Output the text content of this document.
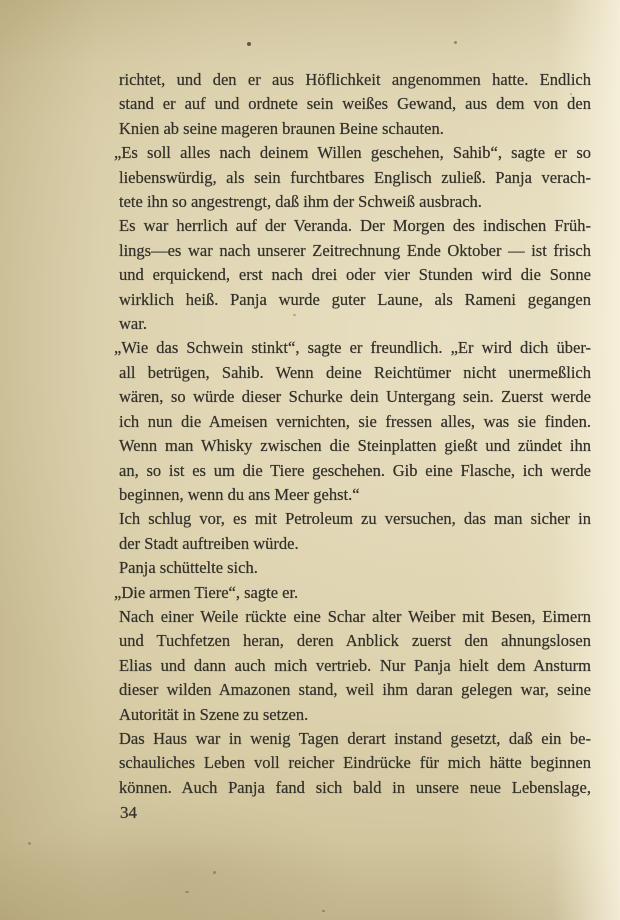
richtet, und den er aus Höflichkeit angenommen hatte. Endlich
stand er auf und ordnete sein weißes Gewand, aus dem von den
Knien ab seine mageren braunen Beine schauten.
„Es soll alles nach deinem Willen geschehen, Sahib“, sagte er so
liebenswürdig, als sein furchtbares Englisch zuließ. Panja verach-
tete ihn so angestrengt, daß ihm der Schweiß ausbrach.
Es war herrlich auf der Veranda. Der Morgen des indischen Früh-
lings—es war nach unserer Zeitrechnung Ende Oktober — ist frisch
und erquickend, erst nach drei oder vier Stunden wird die Sonne
wirklich heiß. Panja wurde guter Laune, als Rameni gegangen
war.
„Wie das Schwein stinkt“, sagte er freundlich. „Er wird dich über-
all betrügen, Sahib. Wenn deine Reichtümer nicht unermeßlich
wären, so würde dieser Schurke dein Untergang sein. Zuerst werde
ich nun die Ameisen vernichten, sie fressen alles, was sie finden.
Wenn man Whisky zwischen die Steinplatten gießt und zündet ihn
an, so ist es um die Tiere geschehen. Gib eine Flasche, ich werde
beginnen, wenn du ans Meer gehst.“
Ich schlug vor, es mit Petroleum zu versuchen, das man sicher in
der Stadt auftreiben würde.
Panja schüttelte sich.
„Die armen Tiere“, sagte er.
Nach einer Weile rückte eine Schar alter Weiber mit Besen, Eimern
und Tuchfetzen heran, deren Anblick zuerst den ahnungslosen
Elias und dann auch mich vertrieb. Nur Panja hielt dem Ansturm
dieser wilden Amazonen stand, weil ihm daran gelegen war, seine
Autorität in Szene zu setzen.
Das Haus war in wenig Tagen derart instand gesetzt, daß ein be-
schauliches Leben voll reicher Eindrücke für mich hätte beginnen
können. Auch Panja fand sich bald in unsere neue Lebenslage,
34
